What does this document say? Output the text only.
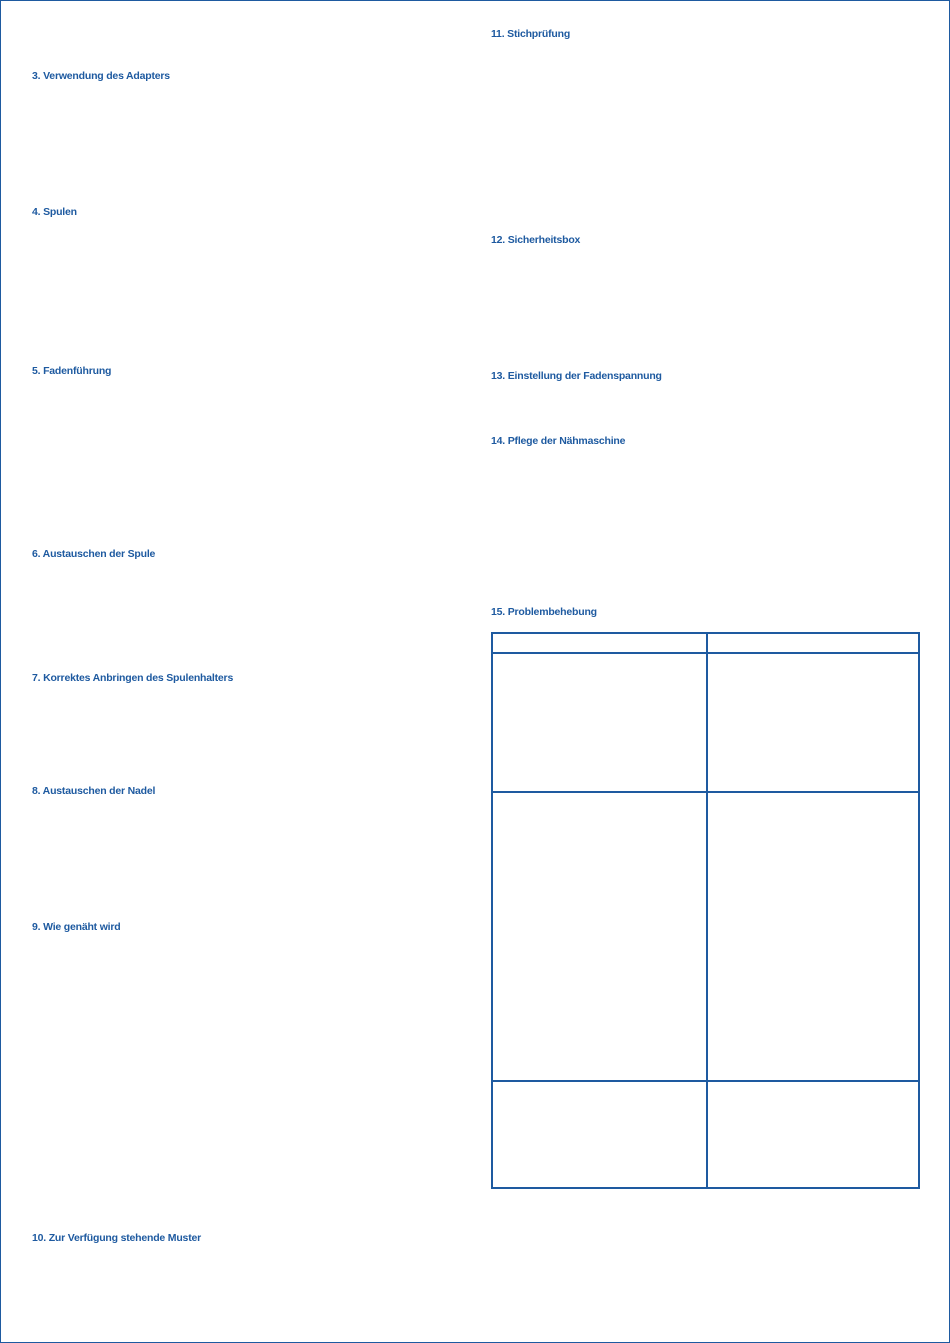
3. Verwendung des Adapters
4. Spulen
5. Fadenführung
6. Austauschen der Spule
7. Korrektes Anbringen des Spulenhalters
8. Austauschen der Nadel
9. Wie genäht wird
10. Zur Verfügung stehende Muster
11. Stichprüfung
12. Sicherheitsbox
13. Einstellung der Fadenspannung
14. Pflege der Nähmaschine
15. Problembehebung
